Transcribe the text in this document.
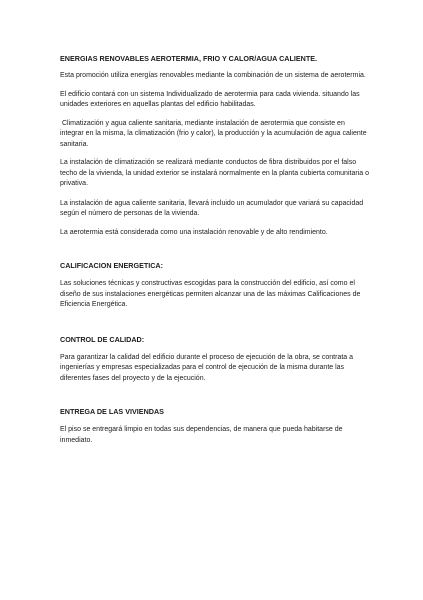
ENERGIAS RENOVABLES AEROTERMIA, FRIO Y CALOR/AGUA CALIENTE.

Esta promoción utiliza energías renovables mediante la combinación de un sistema de aerotermia.

El edificio contará con un sistema Individualizado de aerotermia para cada vivienda. situando las unidades exteriores en aquellas plantas del edificio habilitadas.

Climatización y agua caliente sanitaria, mediante instalación de aerotermia que consiste en integrar en la misma, la climatización (frio y calor), la producción y la acumulación de agua caliente sanitaria.

La instalación de climatización se realizará mediante conductos de fibra distribuidos por el falso techo de la vivienda, la unidad exterior se instalará normalmente en la planta cubierta comunitaria o privativa.

La instalación de agua caliente sanitaria, llevará incluido un acumulador que variará su capacidad según el número de personas de la vivienda.

La aerotermia está considerada como una instalación renovable y de alto rendimiento.

CALIFICACION ENERGETICA:

Las soluciones técnicas y constructivas escogidas para la construcción del edificio, así como el diseño de sus instalaciones energéticas permiten alcanzar una de las máximas Calificaciones de Eficiencia Energética.

CONTROL DE CALIDAD:

Para garantizar la calidad del edificio durante el proceso de ejecución de la obra, se contrata a ingenierías y empresas especializadas para el control de ejecución de la misma durante las diferentes fases del proyecto y de la ejecución.

ENTREGA DE LAS VIVIENDAS

El piso se entregará limpio en todas sus dependencias, de manera que pueda habitarse de inmediato.
